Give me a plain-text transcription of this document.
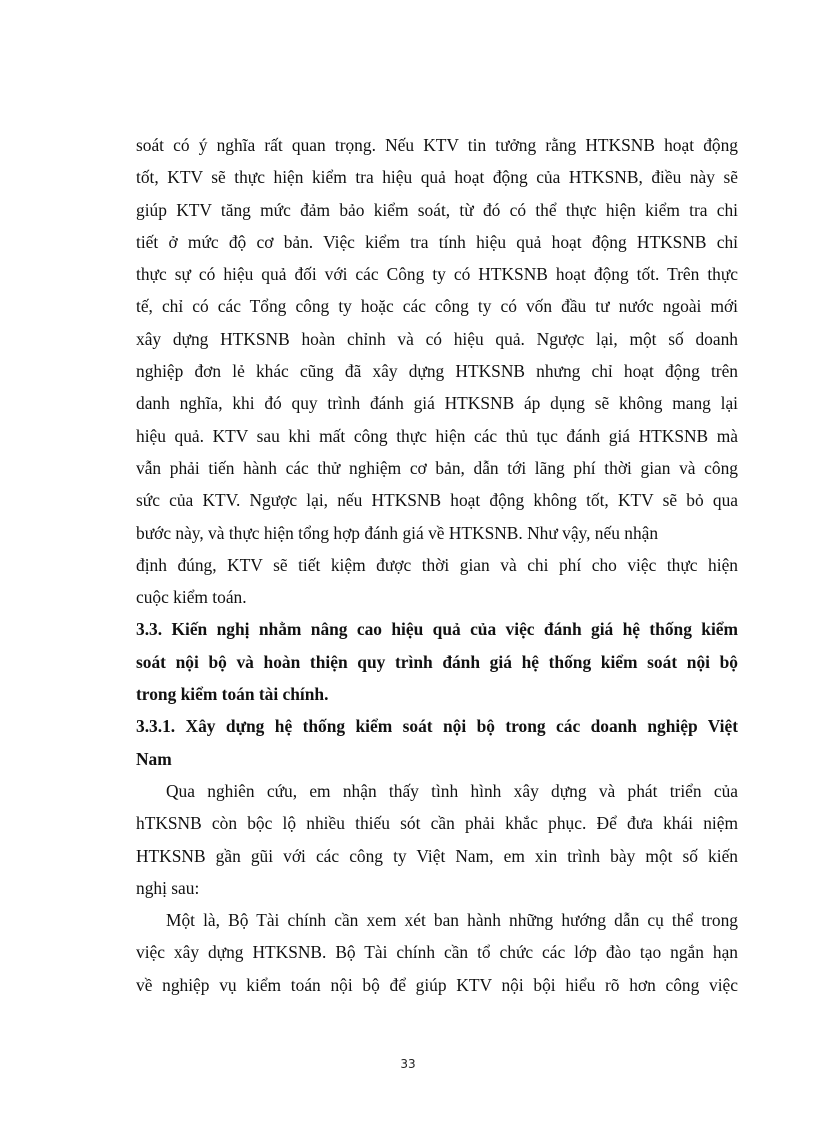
soát có ý nghĩa rất quan trọng. Nếu KTV tin tưởng rằng HTKSNB hoạt động
tốt, KTV sẽ thực hiện kiểm tra hiệu quả hoạt động của HTKSNB, điều này sẽ
giúp KTV tăng mức đảm bảo kiểm soát, từ đó có thể thực hiện kiểm tra chi
tiết ở mức độ cơ bản. Việc kiểm tra tính hiệu quả hoạt động HTKSNB chỉ
thực sự có hiệu quả đối với các Công ty có HTKSNB hoạt động tốt. Trên thực
tế, chỉ có các Tổng công ty hoặc các công ty có vốn đầu tư nước ngoài mới
xây dựng HTKSNB hoàn chỉnh và có hiệu quả. Ngược lại, một số doanh
nghiệp đơn lẻ khác cũng đã xây dựng HTKSNB nhưng chỉ hoạt động trên
danh nghĩa, khi đó quy trình đánh giá HTKSNB áp dụng sẽ không mang lại
hiệu quả. KTV sau khi mất công thực hiện các thủ tục đánh giá HTKSNB mà
vẫn phải tiến hành các thử nghiệm cơ bản, dẫn tới lãng phí thời gian và công
sức của KTV. Ngược lại, nếu HTKSNB hoạt động không tốt, KTV sẽ bỏ qua
bước này, và thực hiện tổng hợp đánh giá về HTKSNB. Như vậy, nếu nhận
định đúng, KTV sẽ tiết kiệm được thời gian và chi phí cho việc thực hiện
cuộc kiểm toán.
3.3. Kiến nghị nhằm nâng cao hiệu quả của việc đánh giá hệ thống kiểm
soát nội bộ và hoàn thiện quy trình đánh giá hệ thống kiểm soát nội bộ
trong kiểm toán tài chính.
3.3.1. Xây dựng hệ thống kiểm soát nội bộ trong các doanh nghiệp Việt
Nam
Qua nghiên cứu, em nhận thấy tình hình xây dựng và phát triển của
hTKSNB còn bộc lộ nhiều thiếu sót cần phải khắc phục. Để đưa khái niệm
HTKSNB gần gũi với các công ty Việt Nam, em xin trình bày một số kiến
nghị sau:
Một là, Bộ Tài chính cần xem xét ban hành những hướng dẫn cụ thể trong
việc xây dựng HTKSNB. Bộ Tài chính cần tổ chức các lớp đào tạo ngắn hạn
về nghiệp vụ kiểm toán nội bộ để giúp KTV nội bội hiểu rõ hơn công việc
33
